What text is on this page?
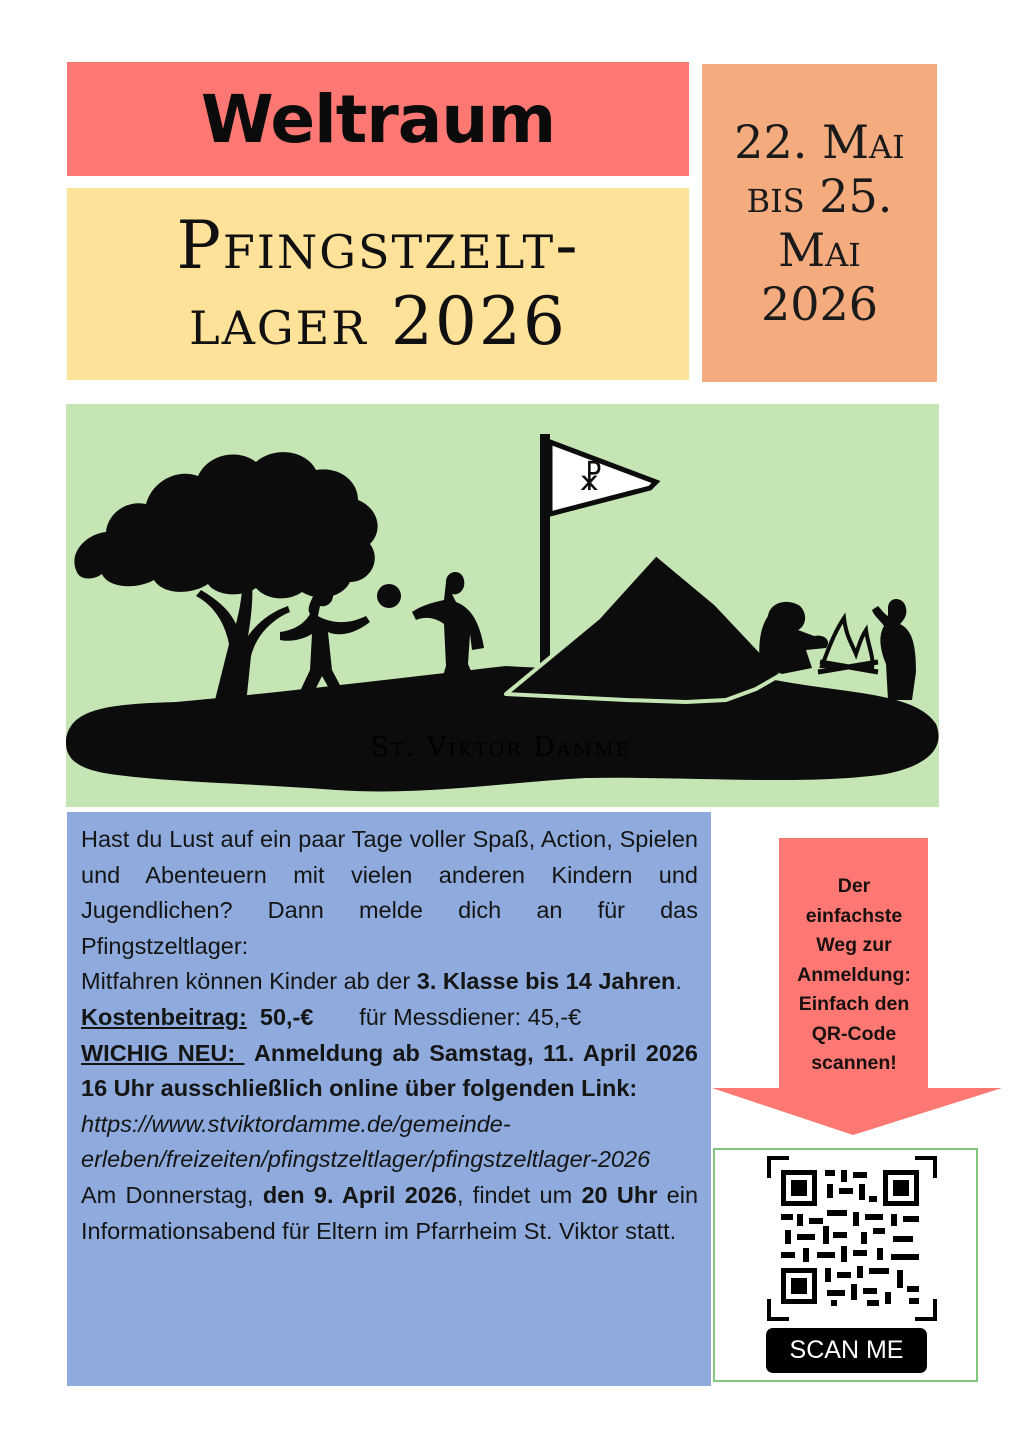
Weltraum
Pfingstzelt-
lager 2026
22. Mai
bis 25.
Mai
2026
☧
St. Viktor Damme

Hast du Lust auf ein paar Tage voller Spaß, Action, Spielen und Abenteuern mit vielen anderen Kindern und Jugendlichen? Dann melde dich an für das Pfingstzeltlager:

Mitfahren können Kinder ab der 3. Klasse bis 14 Jahren.

Kostenbeitrag: 50,-€ für Messdiener: 45,-€

WICHIG NEU:  Anmeldung ab Samstag, 11. April 2026 16 Uhr ausschließlich online über folgenden Link:

https://www.stviktordamme.de/gemeinde-erleben/freizeiten/pfingstzeltlager/pfingstzeltlager-2026

Am Donnerstag, den 9. April 2026, findet um 20 Uhr ein Informationsabend für Eltern im Pfarrheim St. Viktor statt.

Der
einfachste
Weg zur
Anmeldung:
Einfach den
QR-Code
scannen!
SCAN ME
